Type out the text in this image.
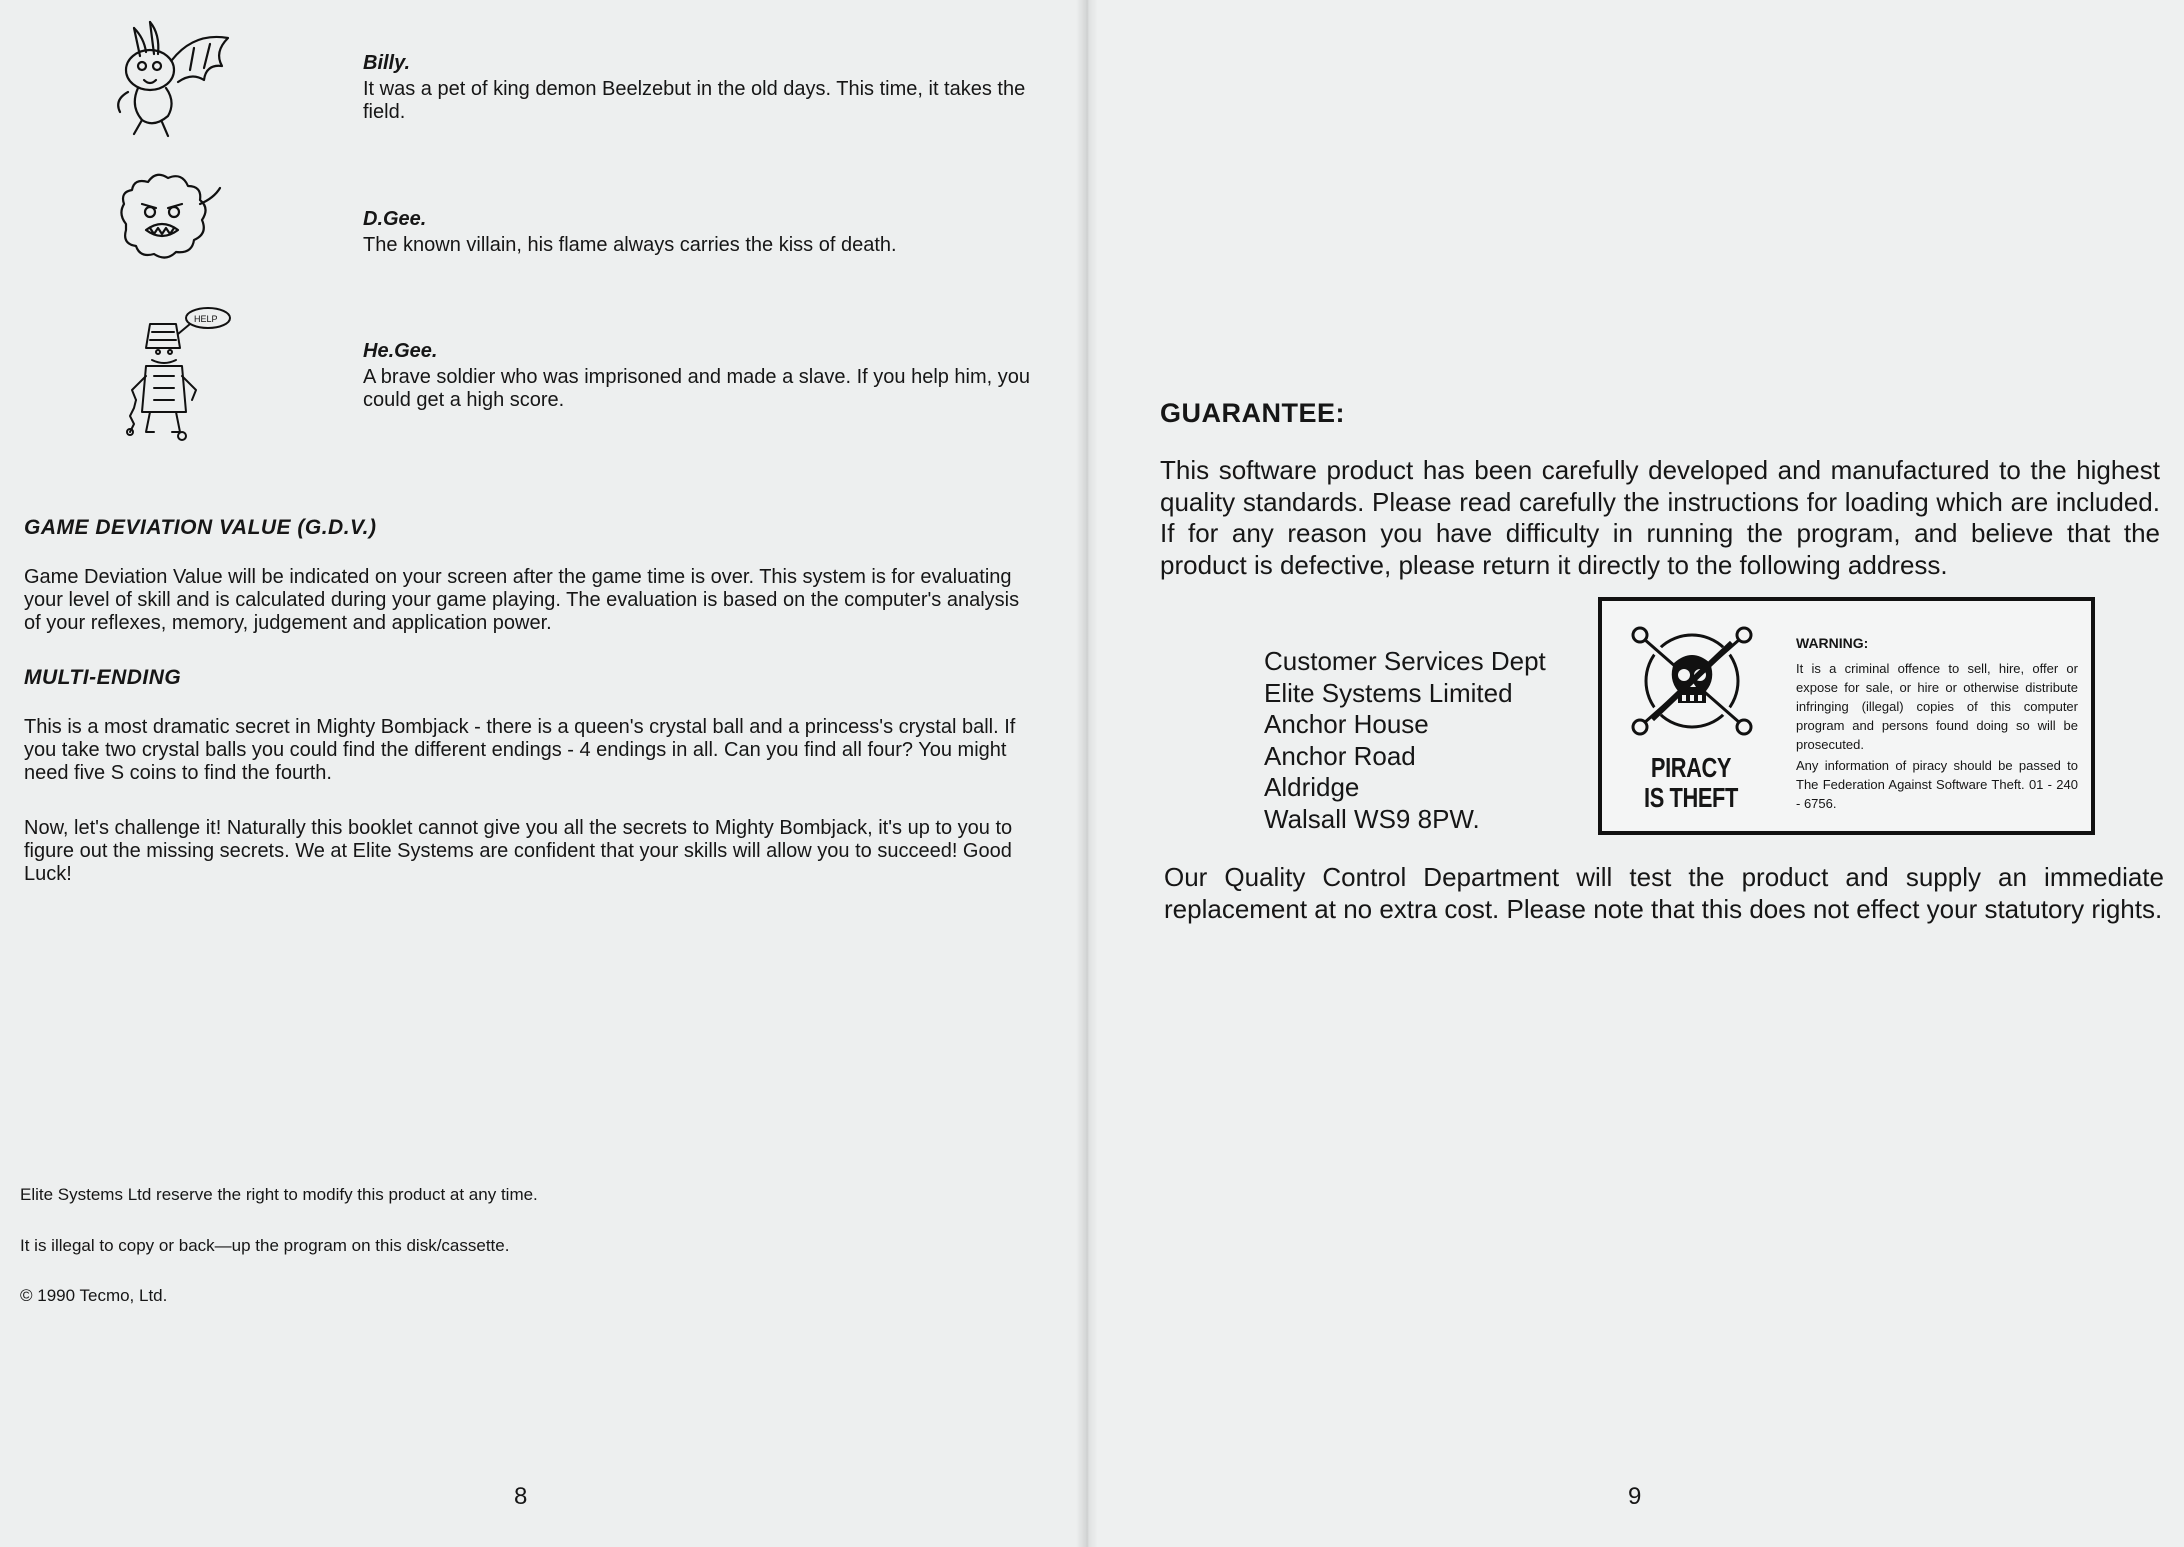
Billy.
It was a pet of king demon Beelzebut in the old days. This time, it takes the field.
D.Gee.
The known villain, his flame always carries the kiss of death.
HELP
He.Gee.
A brave soldier who was imprisoned and made a slave. If you help him, you could get a high score.
GAME DEVIATION VALUE (G.D.V.)
Game Deviation Value will be indicated on your screen after the game time is over. This system is for evaluating your level of skill and is calculated during your game playing. The evaluation is based on the computer's analysis of your reflexes, memory, judgement and application power.
MULTI-ENDING
This is a most dramatic secret in Mighty Bombjack - there is a queen's crystal ball and a princess's crystal ball. If you take two crystal balls you could find the different endings - 4 endings in all. Can you find all four? You might need five S coins to find the fourth.
Now, let's challenge it! Naturally this booklet cannot give you all the secrets to Mighty Bombjack, it's up to you to figure out the missing secrets. We at Elite Systems are confident that your skills will allow you to succeed! Good Luck!
Elite Systems Ltd reserve the right to modify this product at any time.
It is illegal to copy or back—up the program on this disk/cassette.
© 1990 Tecmo, Ltd.
8
GUARANTEE:
This software product has been carefully developed and manufactured to the highest quality standards. Please read carefully the instructions for loading which are included. If for any reason you have difficulty in running the program, and believe that the product is defective, please return it directly to the following address.
Customer Services Dept
Elite Systems Limited
Anchor House
Anchor Road
Aldridge
Walsall WS9 8PW.
PIRACY
IS THEFT
WARNING:
It is a criminal offence to sell, hire, offer or expose for sale, or hire or otherwise distribute infringing (illegal) copies of this computer program and persons found doing so will be prosecuted.
Any information of piracy should be passed to The Federation Against Software Theft. 01 - 240 - 6756.
Our Quality Control Department will test the product and supply an immediate replacement at no extra cost. Please note that this does not effect your statutory rights.
9
